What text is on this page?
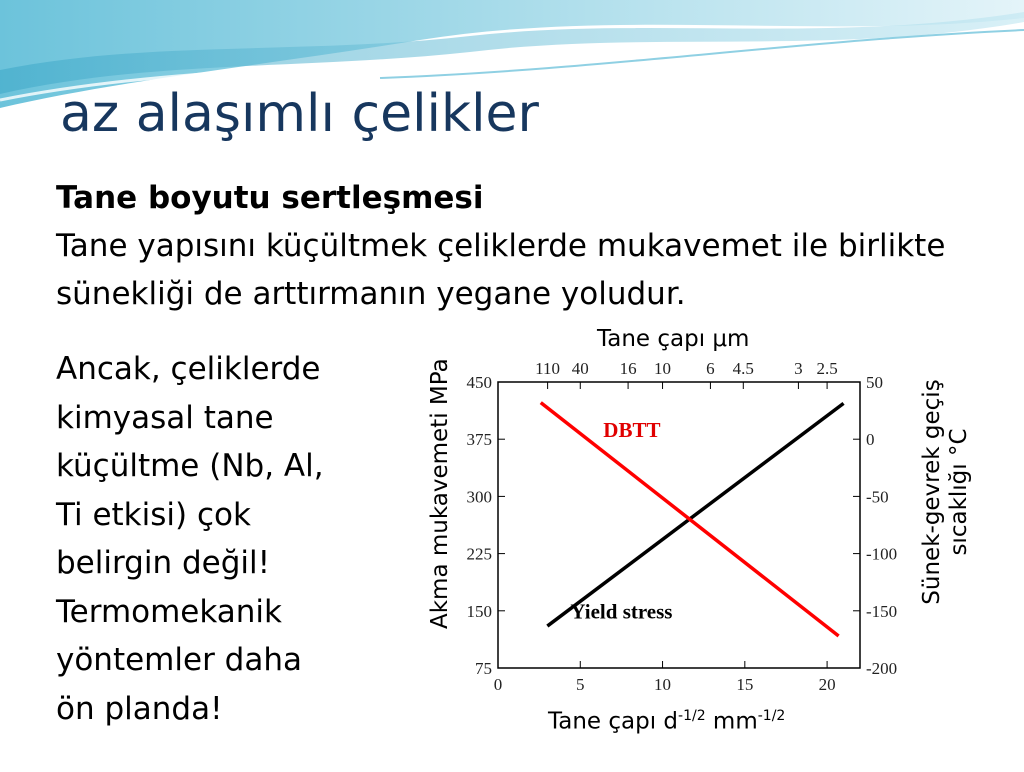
az alaşımlı çelikler
Tane boyutu sertleşmesi
Tane yapısını küçültmek çeliklerde mukavemet ile birlikte sünekliği de arttırmanın yegane yoludur.
Ancak, çeliklerde
kimyasal tane
küçültme (Nb, Al,
Ti etkisi) çok
belirgin değil!
Termomekanik
yöntemler daha
ön planda!
0	5	10	15	20
110 40 16 10 6 4.5 3 2.5
75
150
225
300
375
450
-200
-150
-100
-50
0
50
Yield stress
DBTT
Tane çapı μm
Tane çapı $d^{-1/2}$ $mm^{-1/2}$
Akma mukavemeti MPa	Sünek-gevrek geçiş sıcaklığı °C
